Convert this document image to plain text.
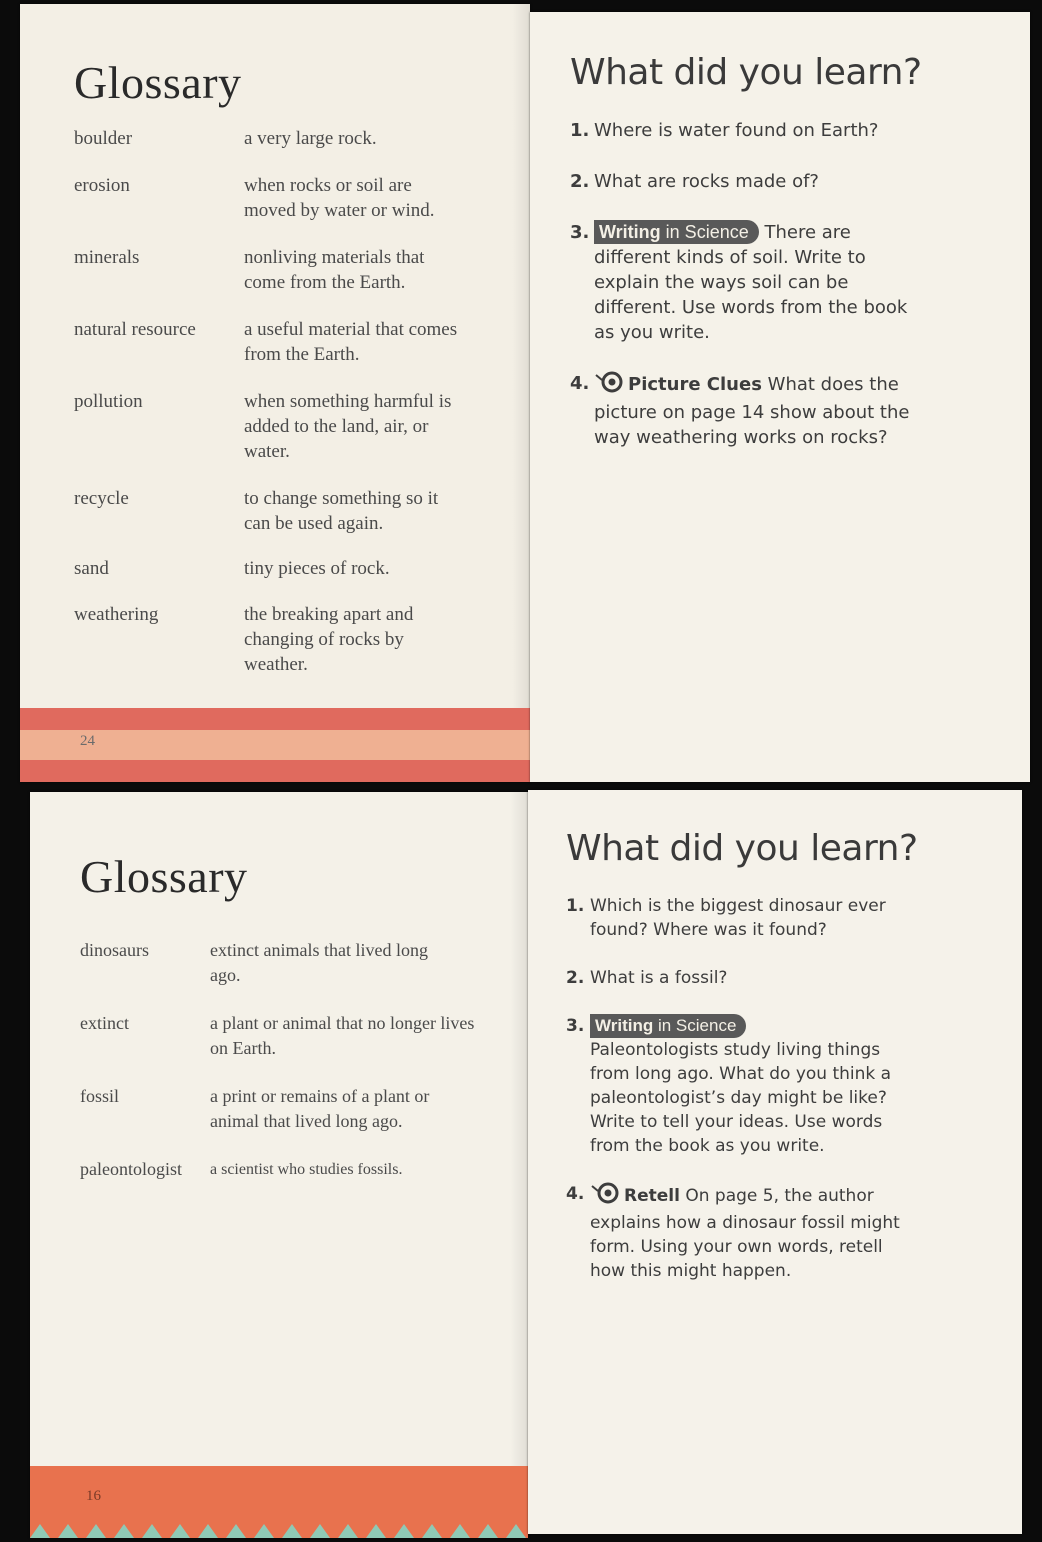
Glossary
boulder	a very large rock.
erosion	when rocks or soil are moved by water or wind.
minerals	nonliving materials that come from the Earth.
natural resource	a useful material that comes from the Earth.
pollution	when something harmful is added to the land, air, or water.
recycle	to change something so it can be used again.
sand	tiny pieces of rock.
weathering	the breaking apart and changing of rocks by weather.
24
What did you learn?
1. Where is water found on Earth?
2. What are rocks made of?
3. Writing in Science There are different kinds of soil. Write to explain the ways soil can be different. Use words from the book as you write.
4. Picture Clues What does the picture on page 14 show about the way weathering works on rocks?
Glossary
dinosaurs	extinct animals that lived long ago.
extinct	a plant or animal that no longer lives on Earth.
fossil	a print or remains of a plant or animal that lived long ago.
paleontologist	a scientist who studies fossils.
16
What did you learn?
1. Which is the biggest dinosaur ever found? Where was it found?
2. What is a fossil?
3. Writing in Science
Paleontologists study living things from long ago. What do you think a paleontologist’s day might be like? Write to tell your ideas. Use words from the book as you write.
4. Retell On page 5, the author explains how a dinosaur fossil might form. Using your own words, retell how this might happen.
